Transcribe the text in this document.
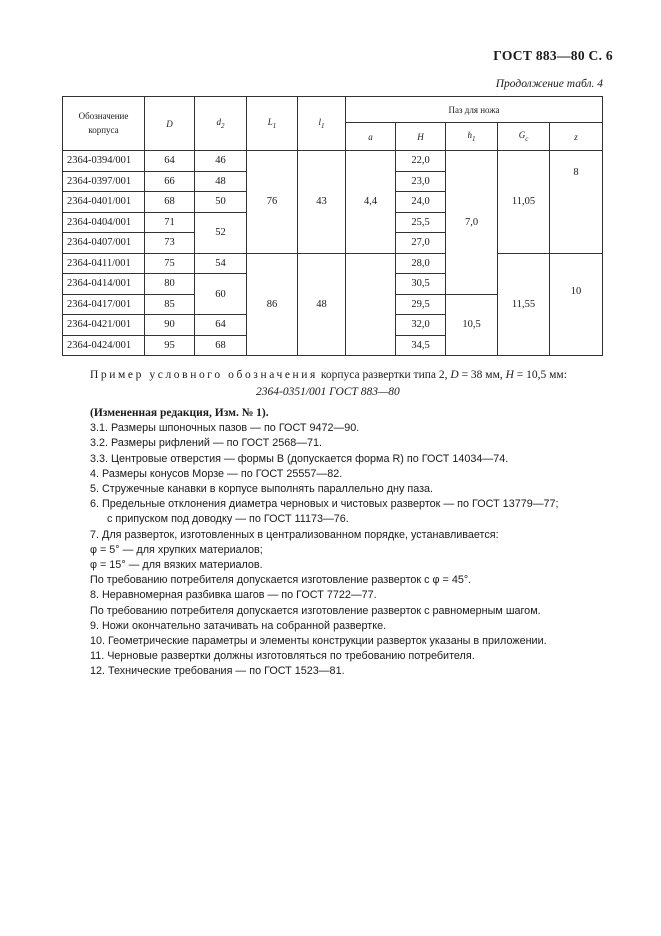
ГОСТ 883—80 С. 6
Продолжение табл. 4
Обозначение корпуса	D	$d_2$	$L_1$	$l_1$	Паз для ножа				
					a	H	$h_1$	$G_c$	z
2364-0394/001	64	46	76	43	4,4	22,0	7,0	11,05	8
2364-0397/001	66	48				23,0			
2364-0401/001	68	50				24,0			
2364-0404/001	71	52				25,5			
2364-0407/001	73					27,0			
2364-0411/001	75	54	86	48		28,0		11,55	10
2364-0414/001	80	60				30,5			
2364-0417/001	85					29,5	10,5		
2364-0421/001	90	64				32,0			
2364-0424/001	95	68				34,5			
Пример условного обозначения корпуса развертки типа 2, D = 38 мм, H = 10,5 мм:
2364-0351/001 ГОСТ 883—80
(Измененная редакция, Изм. № 1).
3.1. Размеры шпоночных пазов — по ГОСТ 9472—90.
3.2. Размеры рифлений — по ГОСТ 2568—71.
3.3. Центровые отверстия — формы В (допускается форма R) по ГОСТ 14034—74.
4. Размеры конусов Морзе — по ГОСТ 25557—82.
5. Стружечные канавки в корпусе выполнять параллельно дну паза.
6. Предельные отклонения диаметра черновых и чистовых разверток — по ГОСТ 13779—77;
с припуском под доводку — по ГОСТ 11173—76.
7. Для разверток, изготовленных в централизованном порядке, устанавливается:
φ = 5° — для хрупких материалов;
φ = 15° — для вязких материалов.
По требованию потребителя допускается изготовление разверток с φ = 45°.
8. Неравномерная разбивка шагов — по ГОСТ 7722—77.
По требованию потребителя допускается изготовление разверток с равномерным шагом.
9. Ножи окончательно затачивать на собранной развертке.
10. Геометрические параметры и элементы конструкции разверток указаны в приложении.
11. Черновые развертки должны изготовляться по требованию потребителя.
12. Технические требования — по ГОСТ 1523—81.
